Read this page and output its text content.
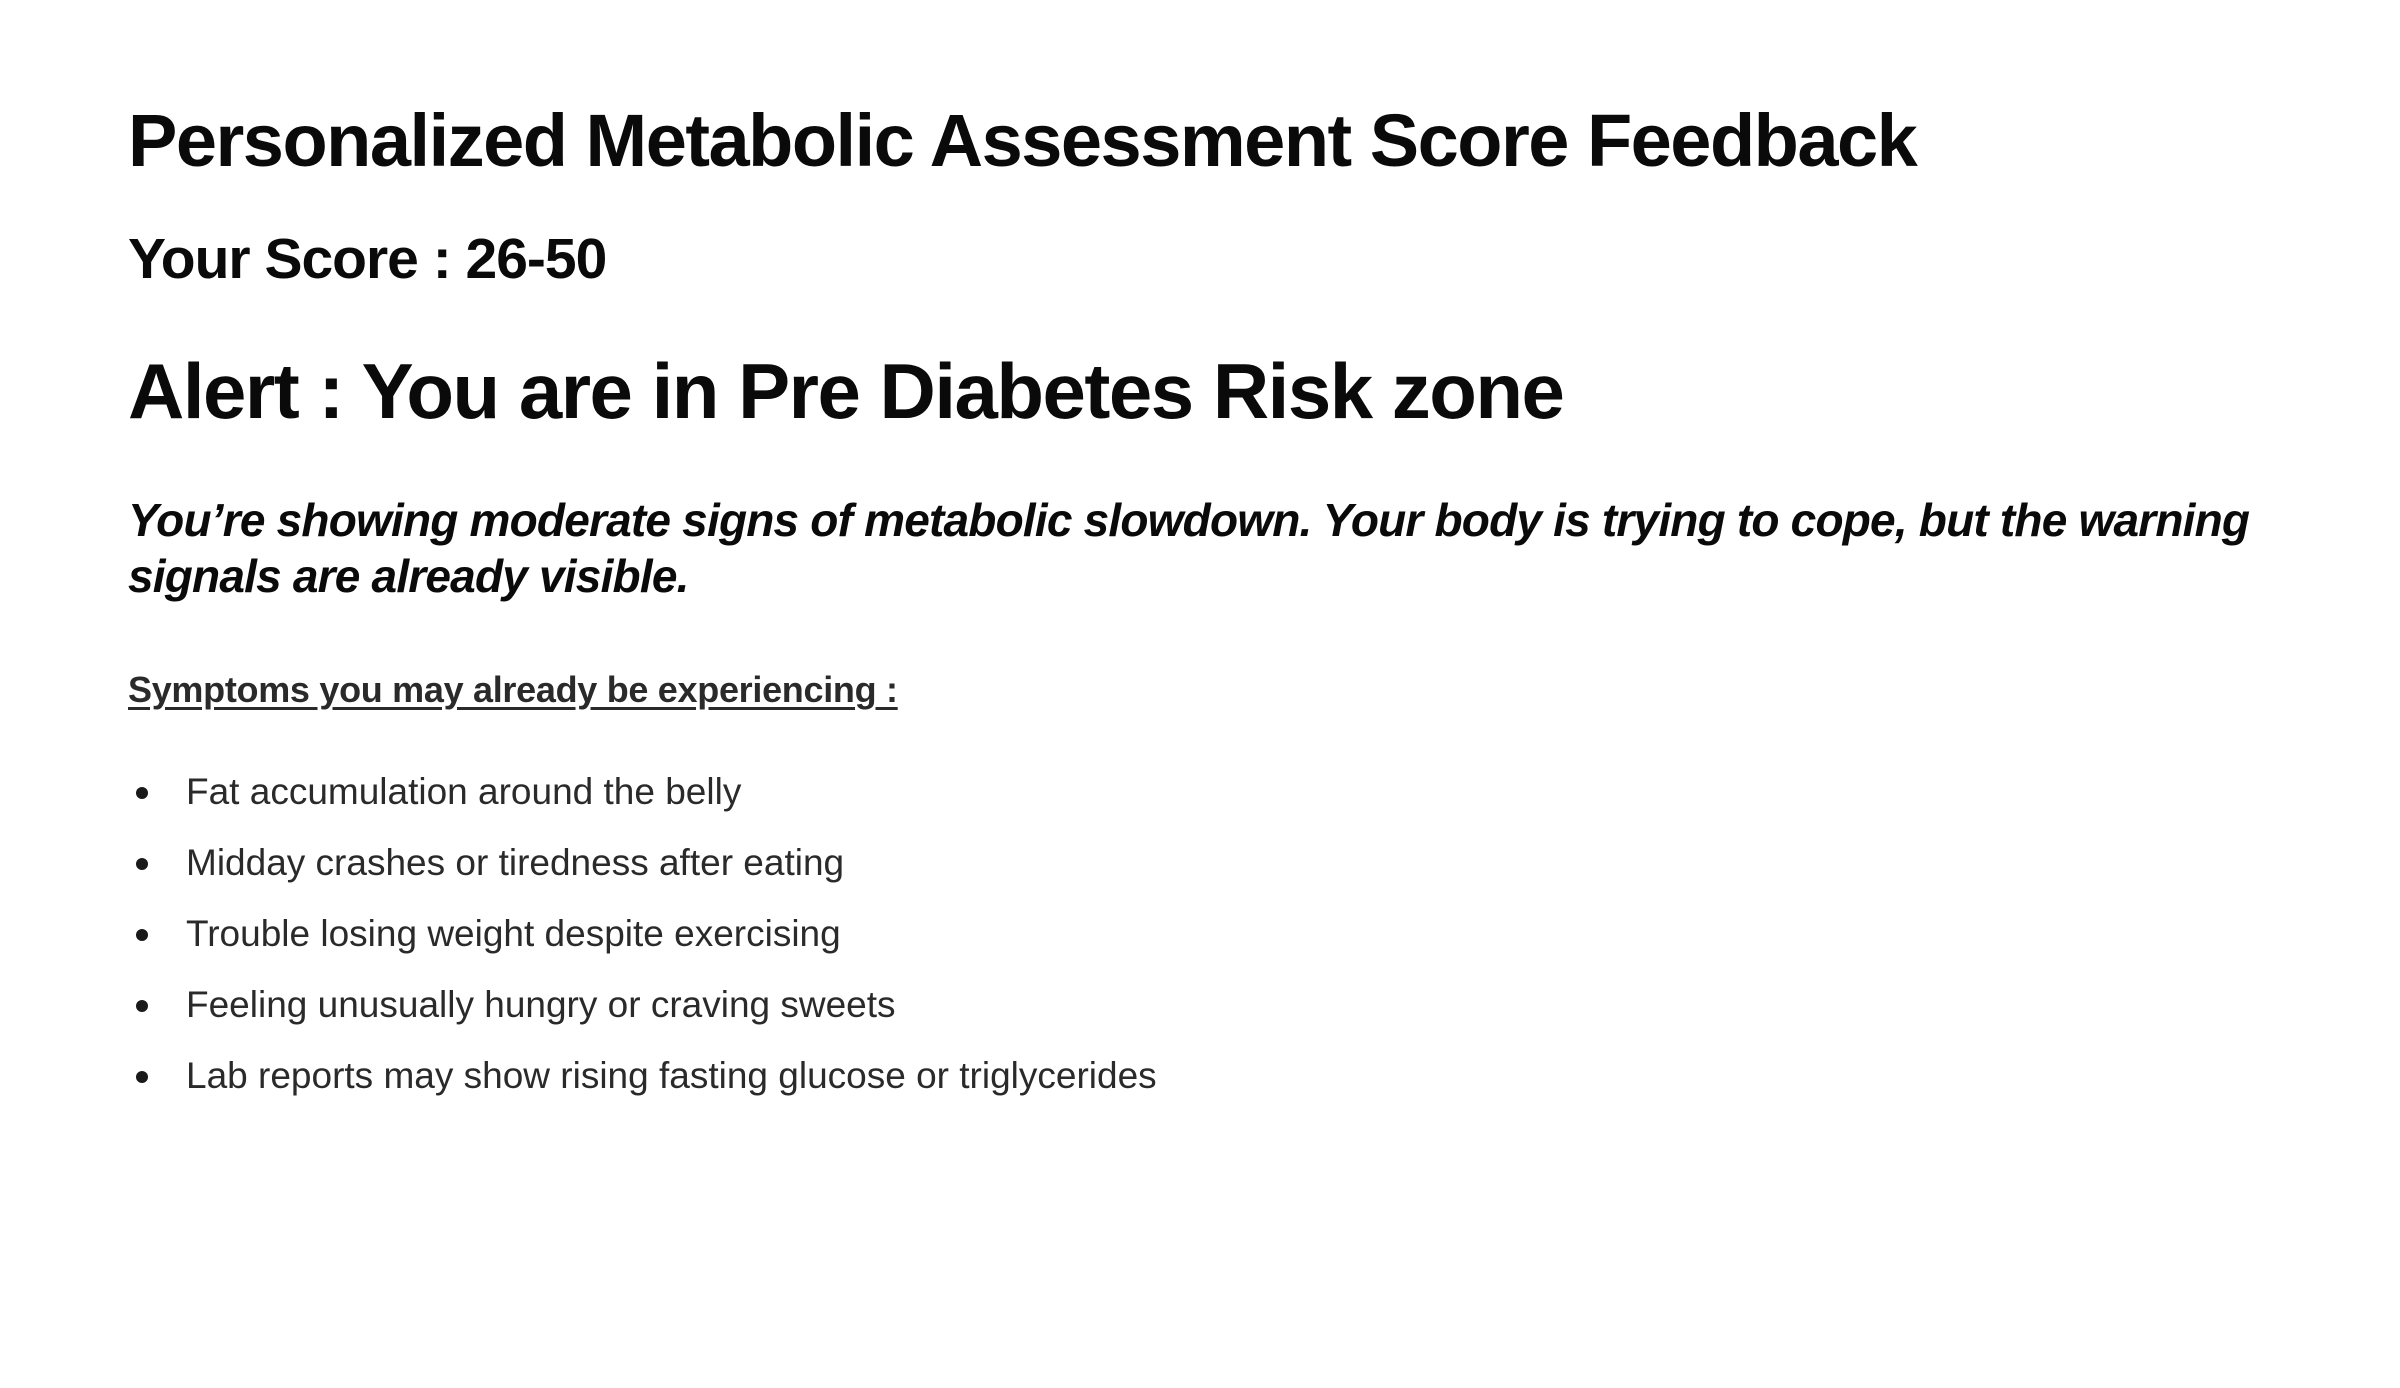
Personalized Metabolic Assessment Score Feedback
Your Score : 26-50
Alert : You are in Pre Diabetes Risk zone

You’re showing moderate signs of metabolic slowdown. Your body is trying to cope, but the warning signals are already visible.

Symptoms you may already be experiencing :

Fat accumulation around the belly
Midday crashes or tiredness after eating
Trouble losing weight despite exercising
Feeling unusually hungry or craving sweets
Lab reports may show rising fasting glucose or triglycerides
